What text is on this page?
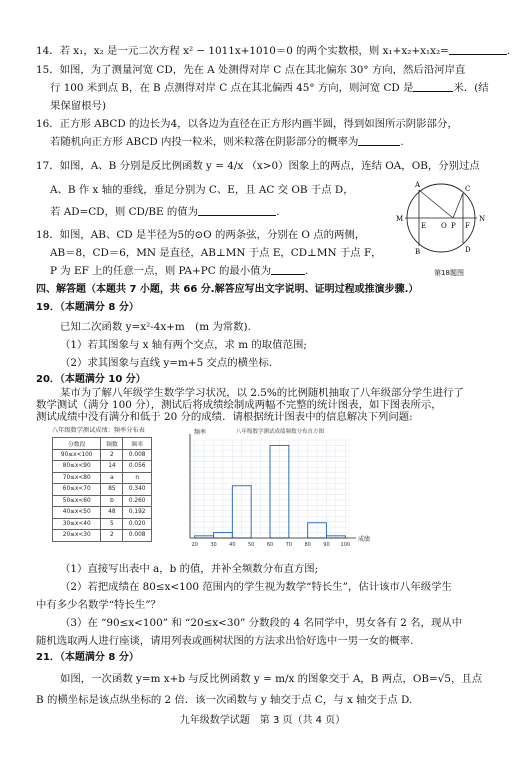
14．若 x₁，x₂ 是一元二次方程 x² − 1011x+1010＝0 的两个实数根，则 x₁+x₂+x₁x₂=	.
15．如图，为了测量河宽 CD，先在 A 处测得对岸 C 点在其北偏东 30° 方向，然后沿河岸直
行 100 米到点 B，在 B 点测得对岸 C 点在其北偏西 45° 方向，则河宽 CD 是	米．(结
果保留根号)
16．正方形 ABCD 的边长为4，以各边为直径在正方形内画半圆，得到如图所示阴影部分，
若随机向正方形 ABCD 内投一粒米，则米粒落在阴影部分的概率为	.
17．如图，A、B 分别是反比例函数 y = 4/x （x>0）图象上的两点，连结 OA，OB，分别过点
A、B 作 x 轴的垂线，垂足分别为 C、E，且 AC 交 OB 于点 D，
若 AD=CD，则 CD/BE 的值为	.
18．如图，AB、CD 是半径为5的⊙O 的两条弦，分别在 O 点的两侧，
AB＝8，CD＝6，MN 是直径，AB⊥MN 于点 E，CD⊥MN 于点 F，
P 为 EF 上的任意一点，则 PA+PC 的最小值为	.
A	C
M
E O P F
N
B	D
第18题图
四、解答题（本题共 7 小题，共 66 分.解答应写出文字说明、证明过程或推演步骤.）
19．（本题满分 8 分）
已知二次函数 y=x²-4x+m　(m 为常数).
（1）若其图象与 x 轴有两个交点，求 m 的取值范围;
（2）求其图象与直线 y=m+5 交点的横坐标.
20．（本题满分 10 分）
某市为了解八年级学生数学学习状况，以 2.5%的比例随机抽取了八年级部分学生进行了
八年级数学测试成绩：频率分布表
分数段	频数	频率
90≤x<100	2	0.008
80≤x<90	14	0.056
70≤x<80	a	n
60≤x<70	85	0.340
50≤x<60	b	0.260
40≤x<50	48	0.192
30≤x<40	5	0.020
20≤x<30	2	0.008
20 30 40 50 60 70 80 90 100
频率
成绩
八年级数学测试成绩频数分布直方图
（1）直接写出表中 a，b 的值，并补全频数分布直方图;
（2）若把成绩在 80≤x<100 范围内的学生视为数学“特长生”，估计该市八年级学生
中有多少名数学“特长生”？
（3）在 “90≤x<100” 和 “20≤x<30” 分数段的 4 名同学中，男女各有 2 名，现从中
随机选取两人进行座谈，请用列表或画树状图的方法求出恰好选中一男一女的概率.
21．（本题满分 8 分）
如图，一次函数 y=m x+b 与反比例函数 y = m/x 的图象交于 A，B 两点，OB=√5，且点
B 的横坐标是该点纵坐标的 2 倍．该一次函数与 y 轴交于点 C，与 x 轴交于点 D.
九年级数学试题　第 3 页（共 4 页）
数学测试（满分 100 分），测试后将成绩绘制成两幅不完整的统计图表，如下图表所示，
测试成绩中没有满分和低于 20 分的成绩．请根据统计图表中的信息解决下列问题:
